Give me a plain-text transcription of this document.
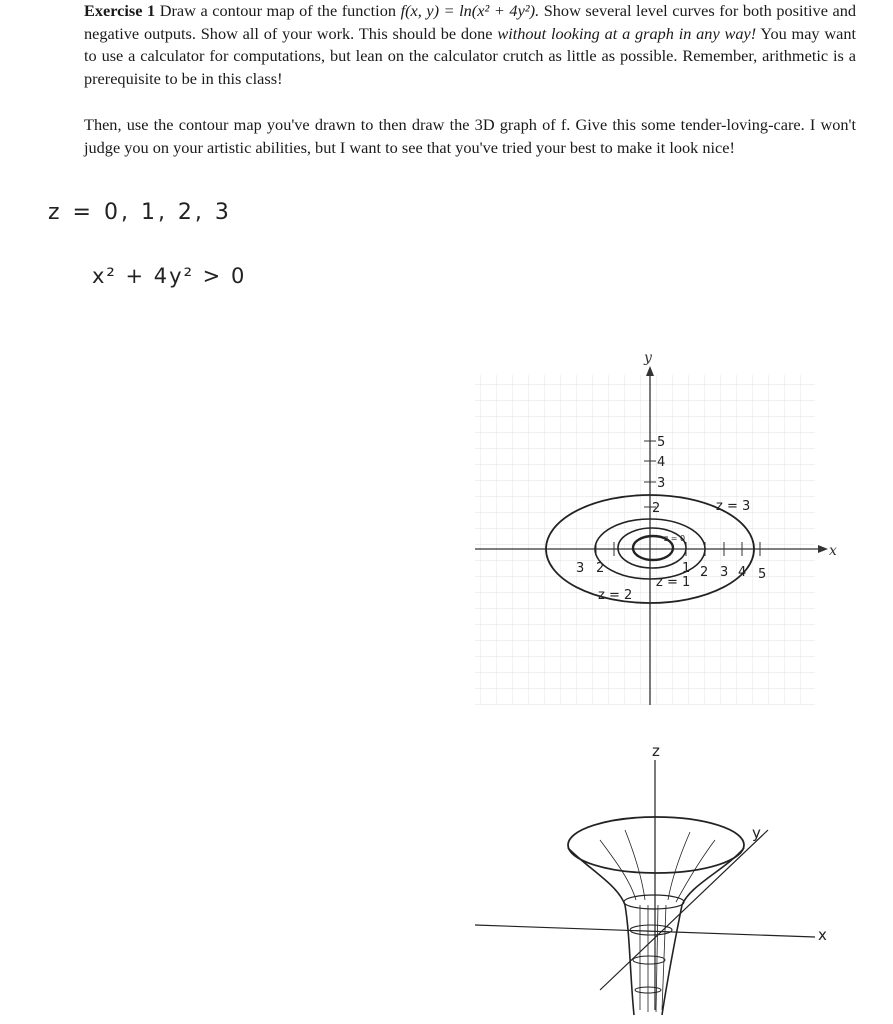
Exercise 1 Draw a contour map of the function f(x, y) = ln(x² + 4y²). Show several level curves for both positive and negative outputs. Show all of your work. This should be done without looking at a graph in any way! You may want to use a calculator for computations, but lean on the calculator crutch as little as possible. Remember, arithmetic is a prerequisite to be in this class!
Then, use the contour map you've drawn to then draw the 3D graph of f. Give this some tender-loving-care. I won't judge you on your artistic abilities, but I want to see that you've tried your best to make it look nice!
z = 0, 1, 2, 3
x² + 4y² > 0
y
x
5
4
3
2
1 2 3 4 5
3 2
z = 3
z = 2
z = 1
z = 0
z
y
x
